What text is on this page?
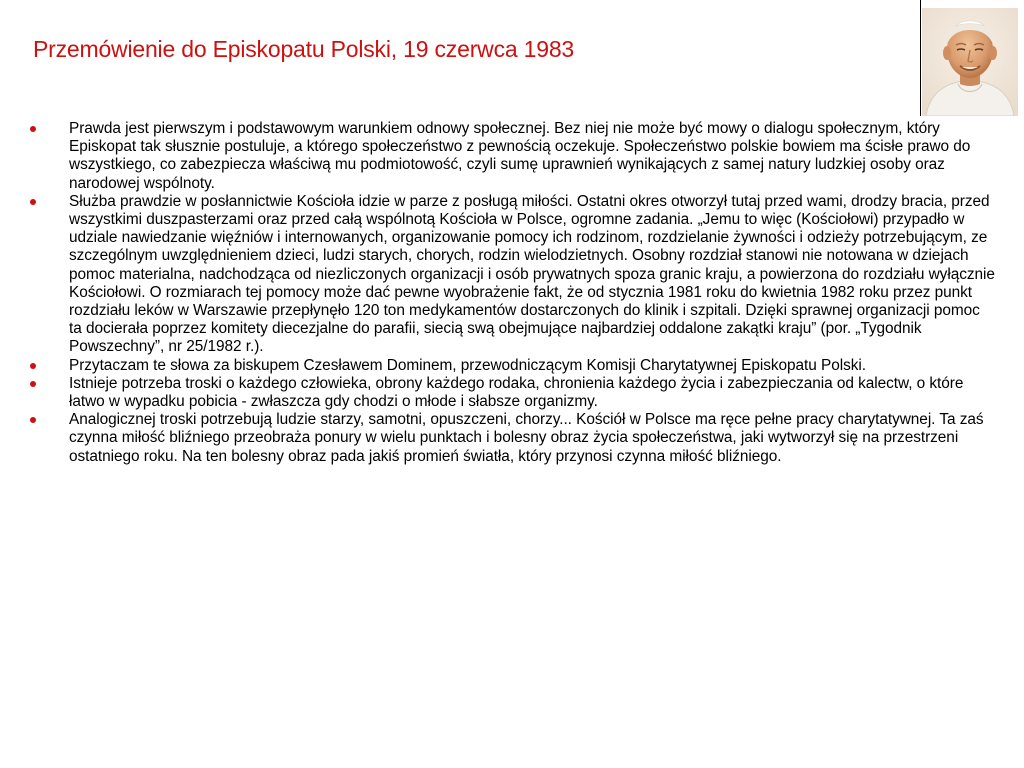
Przemówienie do Episkopatu Polski, 19 czerwca 1983
Prawda jest pierwszym i podstawowym warunkiem odnowy społecznej. Bez niej nie może być mowy o dialogu społecznym, który Episkopat tak słusznie postuluje, a którego społeczeństwo z pewnością oczekuje. Społeczeństwo polskie bowiem ma ścisłe prawo do wszystkiego, co zabezpiecza właściwą mu podmiotowość, czyli sumę uprawnień wynikających z samej natury ludzkiej osoby oraz narodowej wspólnoty.
Służba prawdzie w posłannictwie Kościoła idzie w parze z posługą miłości. Ostatni okres otworzył tutaj przed wami, drodzy bracia, przed wszystkimi duszpasterzami oraz przed całą wspólnotą Kościoła w Polsce, ogromne zadania. „Jemu to więc (Kościołowi) przypadło w udziale nawiedzanie więźniów i internowanych, organizowanie pomocy ich rodzinom, rozdzielanie żywności i odzieży potrzebującym, ze szczególnym uwzględnieniem dzieci, ludzi starych, chorych, rodzin wielodzietnych. Osobny rozdział stanowi nie notowana w dziejach pomoc materialna, nadchodząca od niezliczonych organizacji i osób prywatnych spoza granic kraju, a powierzona do rozdziału wyłącznie Kościołowi. O rozmiarach tej pomocy może dać pewne wyobrażenie fakt, że od stycznia 1981 roku do kwietnia 1982 roku przez punkt rozdziału leków w Warszawie przepłynęło 120 ton medykamentów dostarczonych do klinik i szpitali. Dzięki sprawnej organizacji pomoc ta docierała poprzez komitety diecezjalne do parafii, siecią swą obejmujące najbardziej oddalone zakątki kraju” (por. „Tygodnik Powszechny”, nr 25/1982 r.).
Przytaczam te słowa za biskupem Czesławem Dominem, przewodniczącym Komisji Charytatywnej Episkopatu Polski.
Istnieje potrzeba troski o każdego człowieka, obrony każdego rodaka, chronienia każdego życia i zabezpieczania od kalectw, o które łatwo w wypadku pobicia - zwłaszcza gdy chodzi o młode i słabsze organizmy.
Analogicznej troski potrzebują ludzie starzy, samotni, opuszczeni, chorzy... Kościół w Polsce ma ręce pełne pracy charytatywnej. Ta zaś czynna miłość bliźniego przeobraża ponury w wielu punktach i bolesny obraz życia społeczeństwa, jaki wytworzył się na przestrzeni ostatniego roku. Na ten bolesny obraz pada jakiś promień światła, który przynosi czynna miłość bliźniego.
